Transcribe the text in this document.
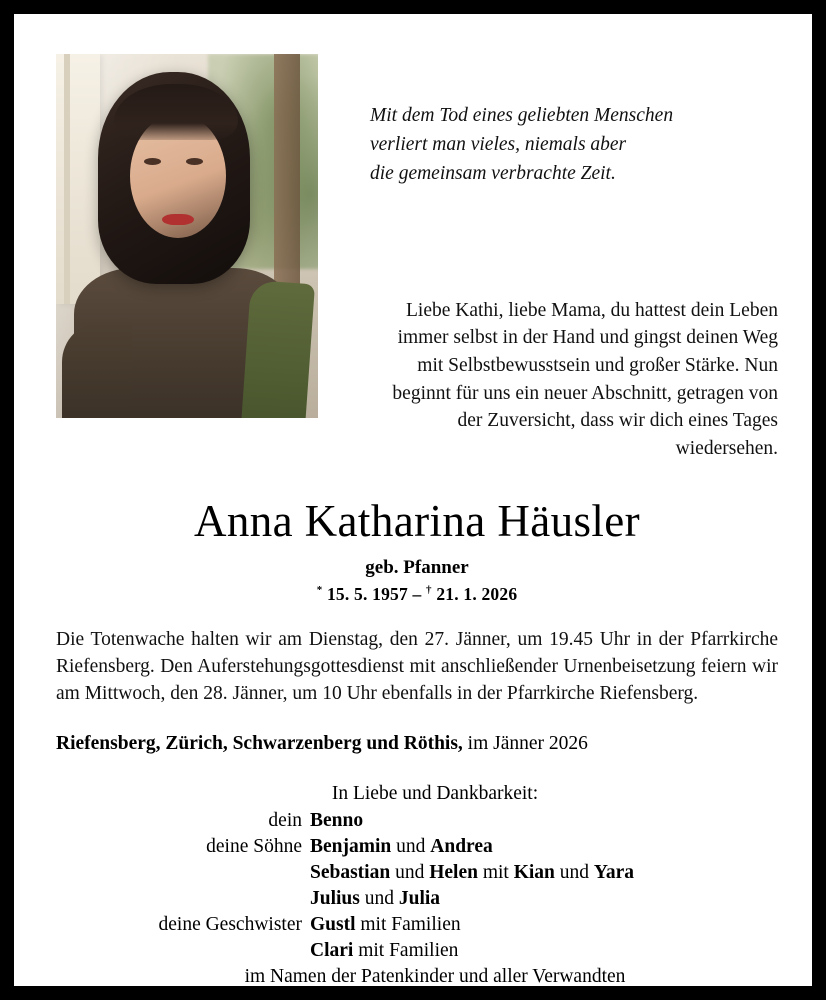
Mit dem Tod eines geliebten Menschen
verliert man vieles, niemals aber
die gemeinsam verbrachte Zeit.
Liebe Kathi, liebe Mama, du hattest dein Leben immer selbst in der Hand und gingst deinen Weg mit Selbstbewusstsein und großer Stärke. Nun beginnt für uns ein neuer Abschnitt, getragen von der Zuversicht, dass wir dich eines Tages wiedersehen.
Anna Katharina Häusler
geb. Pfanner
* 15. 5. 1957 – † 21. 1. 2026
Die Totenwache halten wir am Dienstag, den 27. Jänner, um 19.45 Uhr in der Pfarrkirche Riefensberg. Den Auferstehungsgottesdienst mit anschließender Urnenbeisetzung feiern wir am Mittwoch, den 28. Jänner, um 10 Uhr ebenfalls in der Pfarrkirche Riefensberg.
Riefensberg, Zürich, Schwarzenberg und Röthis, im Jänner 2026
In Liebe und Dankbarkeit:
dein Benno
deine Söhne Benjamin und Andrea
Sebastian und Helen mit Kian und Yara
Julius und Julia
deine Geschwister Gustl mit Familien
Clari mit Familien
im Namen der Patenkinder und aller Verwandten
